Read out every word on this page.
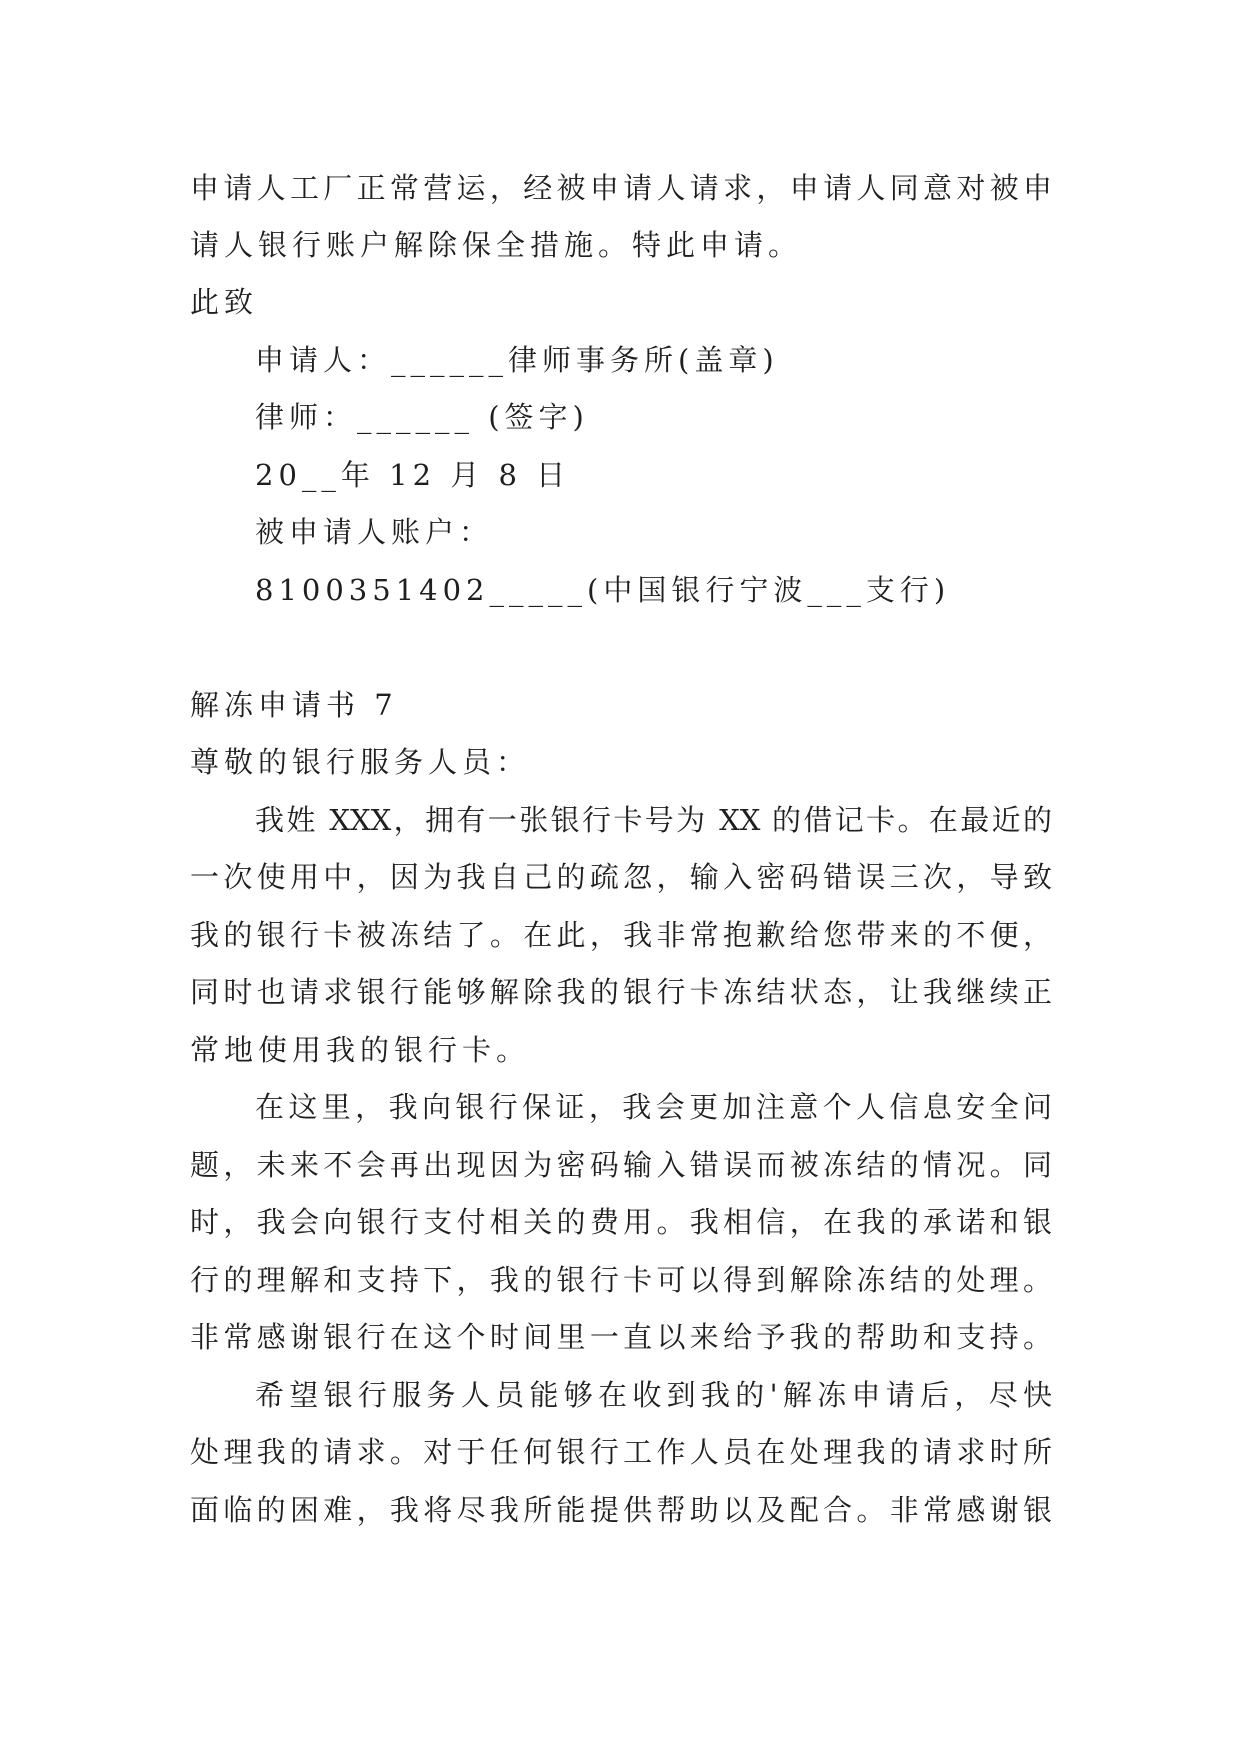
申请人工厂正常营运，经被申请人请求，申请人同意对被申
请人银行账户解除保全措施。特此申请。
此致
申请人：______律师事务所(盖章)
律师：______ (签字)
20__年 12 月 8 日
被申请人账户：
8100351402_____(中国银行宁波___支行)
解冻申请书 7
尊敬的银行服务人员：
我姓 XXX，拥有一张银行卡号为 XX 的借记卡。在最近的
一次使用中，因为我自己的疏忽，输入密码错误三次，导致
我的银行卡被冻结了。在此，我非常抱歉给您带来的不便，
同时也请求银行能够解除我的银行卡冻结状态，让我继续正
常地使用我的银行卡。
在这里，我向银行保证，我会更加注意个人信息安全问
题，未来不会再出现因为密码输入错误而被冻结的情况。同
时，我会向银行支付相关的费用。我相信，在我的承诺和银
行的理解和支持下，我的银行卡可以得到解除冻结的处理。
非常感谢银行在这个时间里一直以来给予我的帮助和支持。
希望银行服务人员能够在收到我的'解冻申请后，尽快
处理我的请求。对于任何银行工作人员在处理我的请求时所
面临的困难，我将尽我所能提供帮助以及配合。非常感谢银
